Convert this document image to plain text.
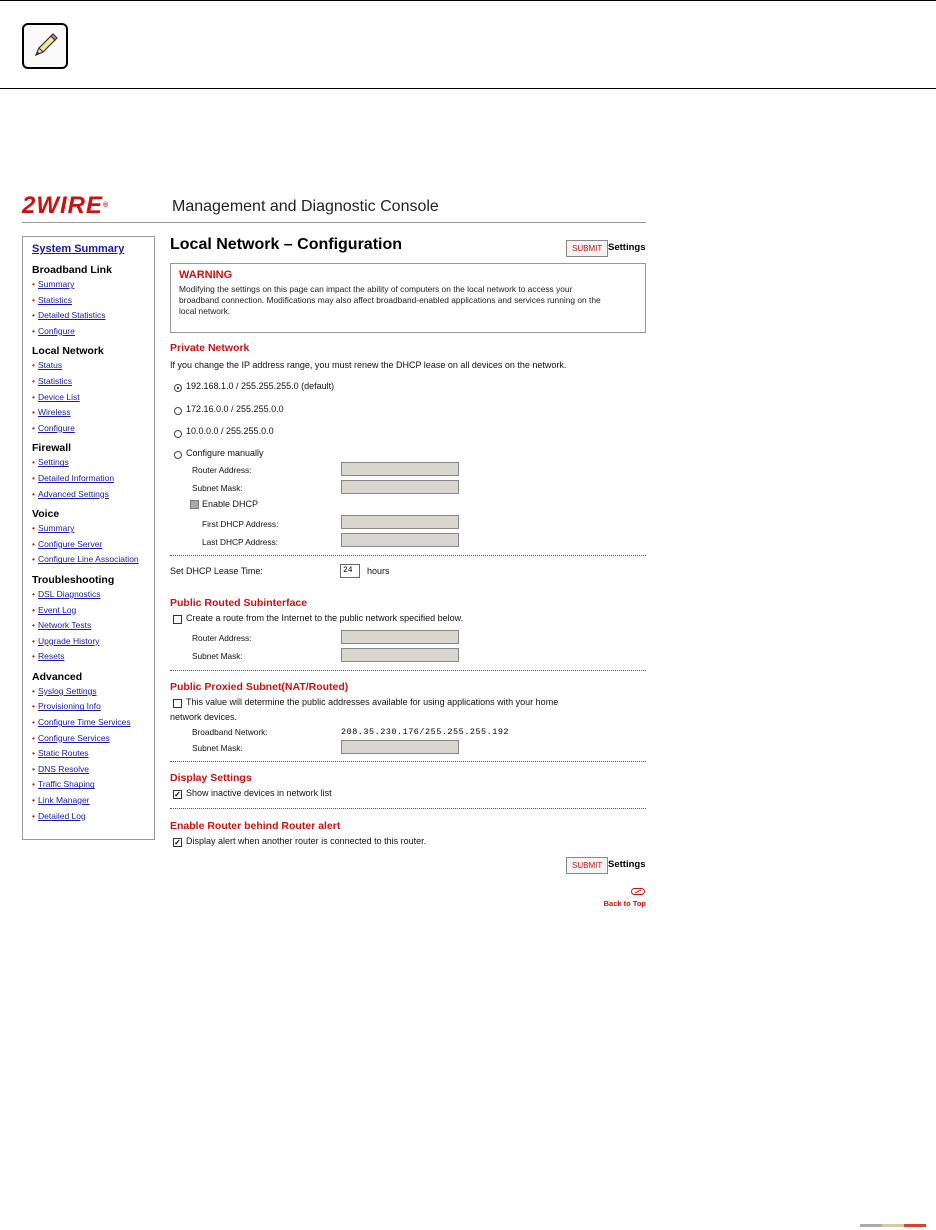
2WIRE®	Management and Diagnostic Console
System Summary
Broadband Link
• Summary
• Statistics
• Detailed Statistics
• Configure
Local Network
• Status
• Statistics
• Device List
• Wireless
• Configure
Firewall
• Settings
• Detailed Information
• Advanced Settings
Voice
• Summary
• Configure Server
• Configure Line Association
Troubleshooting
• DSL Diagnostics
• Event Log
• Network Tests
• Upgrade History
• Resets
Advanced
• Syslog Settings
• Provisioning Info
• Configure Time Services
• Configure Services
• Static Routes
• DNS Resolve
• Traffic Shaping
• Link Manager
• Detailed Log
Local Network – Configuration	SUBMIT Settings
WARNING
Modifying the settings on this page can impact the ability of computers on the local network to access your
broadband connection. Modifications may also affect broadband-enabled applications and services running on the
local network.
Private Network
If you change the IP address range, you must renew the DHCP lease on all devices on the network.
192.168.1.0 / 255.255.255.0 (default)
172.16.0.0 / 255.255.0.0
10.0.0.0 / 255.255.0.0
Configure manually
Router Address:
Subnet Mask:
Enable DHCP
First DHCP Address:
Last DHCP Address:
Set DHCP Lease Time:	24	hours
Public Routed Subinterface
Create a route from the Internet to the public network specified below.
Router Address:
Subnet Mask:
Public Proxied Subnet(NAT/Routed)
This value will determine the public addresses available for using applications with your home
network devices.
Broadband Network:	208.35.230.176/255.255.255.192
Subnet Mask:
Display Settings
✓ Show inactive devices in network list
Enable Router behind Router alert
✓ Display alert when another router is connected to this router.
SUBMIT Settings
Back to Top
